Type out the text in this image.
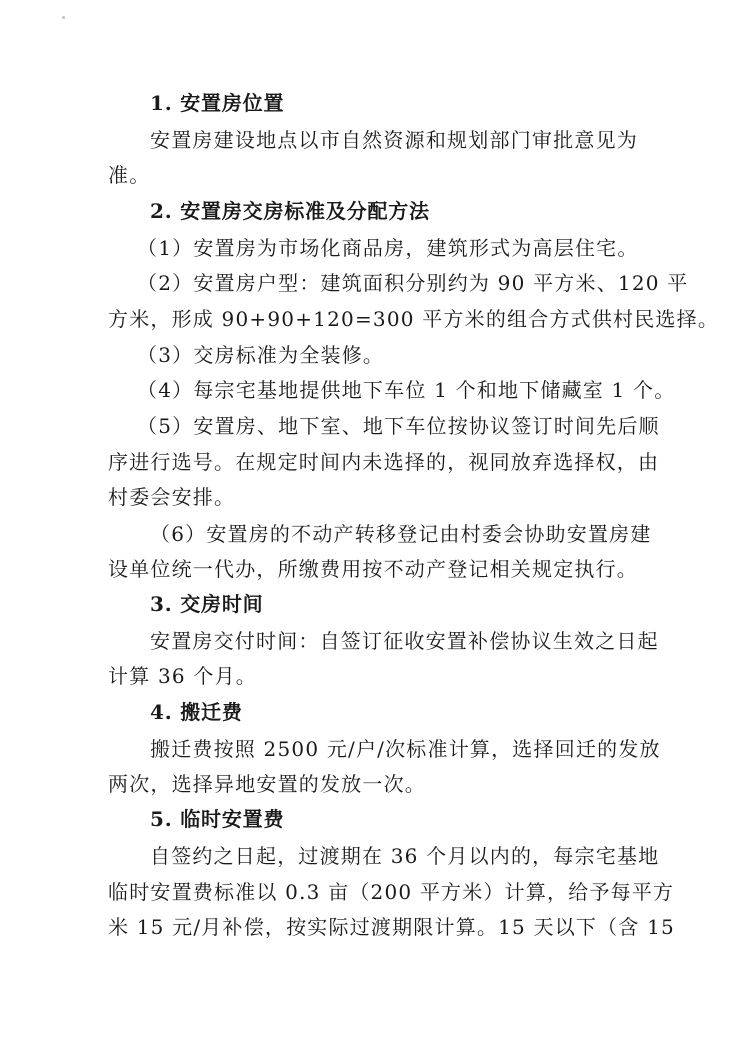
1. 安置房位置
安置房建设地点以市自然资源和规划部门审批意见为
准。
2. 安置房交房标准及分配方法
（1）安置房为市场化商品房，建筑形式为高层住宅。
（2）安置房户型：建筑面积分别约为 90 平方米、120 平
方米，形成 90+90+120=300 平方米的组合方式供村民选择。
（3）交房标准为全装修。
（4）每宗宅基地提供地下车位 1 个和地下储藏室 1 个。
（5）安置房、地下室、地下车位按协议签订时间先后顺
序进行选号。在规定时间内未选择的，视同放弃选择权，由
村委会安排。
（6）安置房的不动产转移登记由村委会协助安置房建
设单位统一代办，所缴费用按不动产登记相关规定执行。
3. 交房时间
安置房交付时间：自签订征收安置补偿协议生效之日起
计算 36 个月。
4. 搬迁费
搬迁费按照 2500 元/户/次标准计算，选择回迁的发放
两次，选择异地安置的发放一次。
5. 临时安置费
自签约之日起，过渡期在 36 个月以内的，每宗宅基地
临时安置费标准以 0.3 亩（200 平方米）计算，给予每平方
米 15 元/月补偿，按实际过渡期限计算。15 天以下（含 15
